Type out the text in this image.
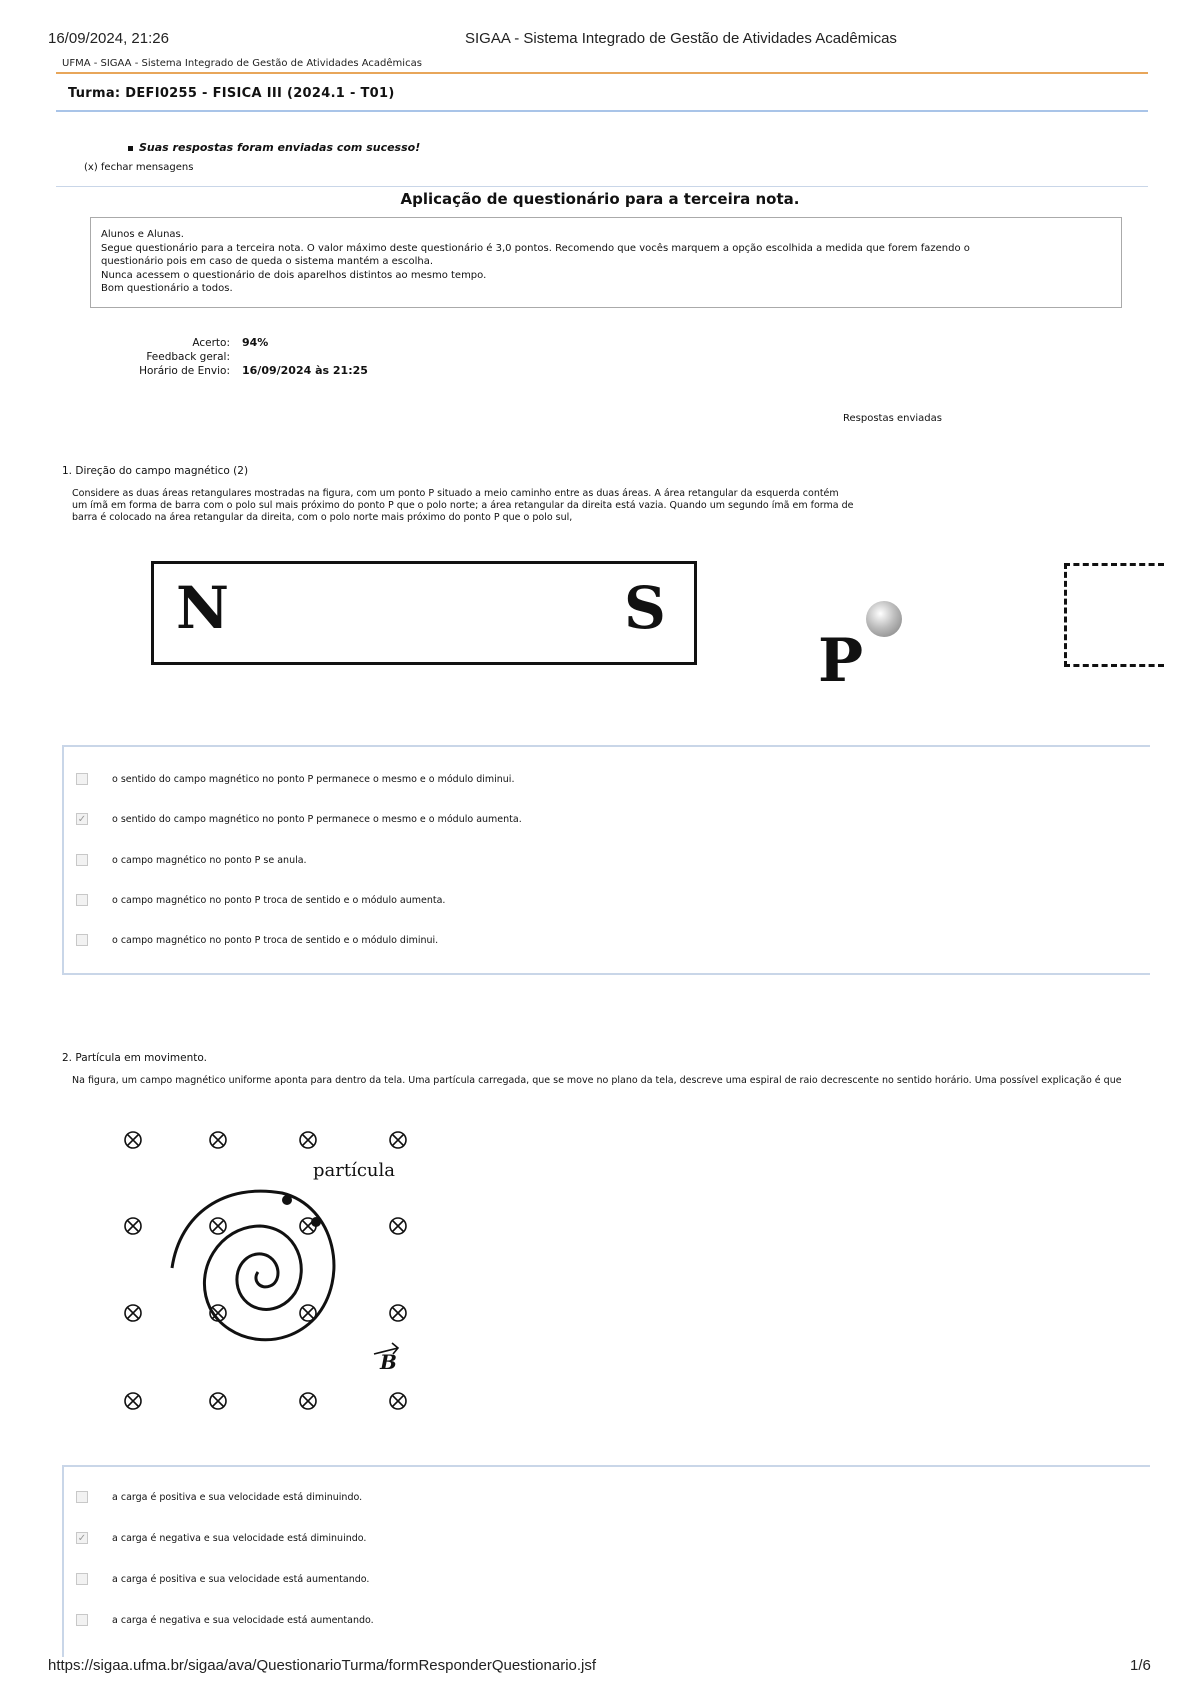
16/09/2024, 21:26	SIGAA - Sistema Integrado de Gestão de Atividades Acadêmicas
UFMA - SIGAA - Sistema Integrado de Gestão de Atividades Acadêmicas
Turma: DEFI0255 - FISICA III (2024.1 - T01)
Suas respostas foram enviadas com sucesso!
(x) fechar mensagens
Aplicação de questionário para a terceira nota.
Alunos e Alunas.
Segue questionário para a terceira nota. O valor máximo deste questionário é 3,0 pontos. Recomendo que vocês marquem a opção escolhida a medida que forem fazendo o
questionário pois em caso de queda o sistema mantém a escolha.
Nunca acessem o questionário de dois aparelhos distintos ao mesmo tempo.
Bom questionário a todos.
Acerto: 94%
Feedback geral:
Horário de Envio: 16/09/2024 às 21:25
Respostas enviadas
1. Direção do campo magnético (2)
Considere as duas áreas retangulares mostradas na figura, com um ponto P situado a meio caminho entre as duas áreas. A área retangular da esquerda contém
um ímã em forma de barra com o polo sul mais próximo do ponto P que o polo norte; a área retangular da direita está vazia. Quando um segundo ímã em forma de
barra é colocado na área retangular da direita, com o polo norte mais próximo do ponto P que o polo sul,
N	S
P
o sentido do campo magnético no ponto P permanece o mesmo e o módulo diminui.
✓	o sentido do campo magnético no ponto P permanece o mesmo e o módulo aumenta.
o campo magnético no ponto P se anula.
o campo magnético no ponto P troca de sentido e o módulo aumenta.
o campo magnético no ponto P troca de sentido e o módulo diminui.
2. Partícula em movimento.
Na figura, um campo magnético uniforme aponta para dentro da tela. Uma partícula carregada, que se move no plano da tela, descreve uma espiral de raio decrescente no sentido horário. Uma possível explicação é que
partícula
B
a carga é positiva e sua velocidade está diminuindo.
✓	a carga é negativa e sua velocidade está diminuindo.
a carga é positiva e sua velocidade está aumentando.
a carga é negativa e sua velocidade está aumentando.
https://sigaa.ufma.br/sigaa/ava/QuestionarioTurma/formResponderQuestionario.jsf	1/6
